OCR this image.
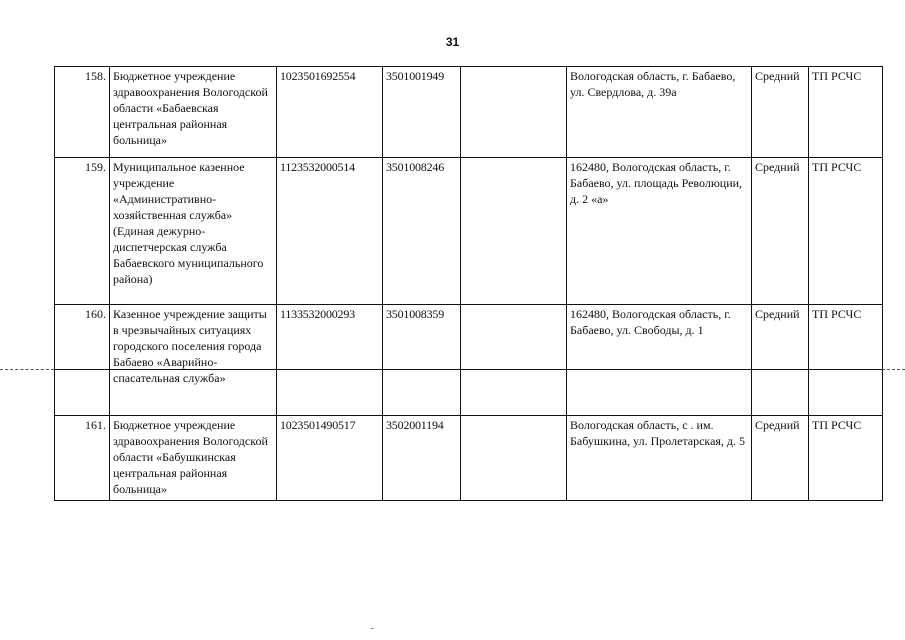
31
158.	Бюджетное учреждение здравоохранения Вологодской области «Бабаевская центральная районная больница»	1023501692554	3501001949		Вологодская область, г. Бабаево, ул. Свердлова, д. 39а	Средний	ТП РСЧС
159.	Муниципальное казенное учреждение «Административно-хозяйственная служба» (Единая дежурно-диспетчерская служба Бабаевского муниципального района)	1123532000514	3501008246		162480, Вологодская область, г. Бабаево, ул. площадь Революции, д. 2 «а»	Средний	ТП РСЧС
160.	Казенное учреждение защиты в чрезвычайных ситуациях городского поселения города Бабаево «Аварийно-спасательная служба»	1133532000293	3501008359		162480, Вологодская область, г. Бабаево, ул. Свободы, д. 1	Средний	ТП РСЧС
161.	Бюджетное учреждение здравоохранения Вологодской области «Бабушкинская центральная районная больница»	1023501490517	3502001194		Вологодская область, с . им. Бабушкина, ул. Пролетарская, д. 5	Средний	ТП РСЧС
